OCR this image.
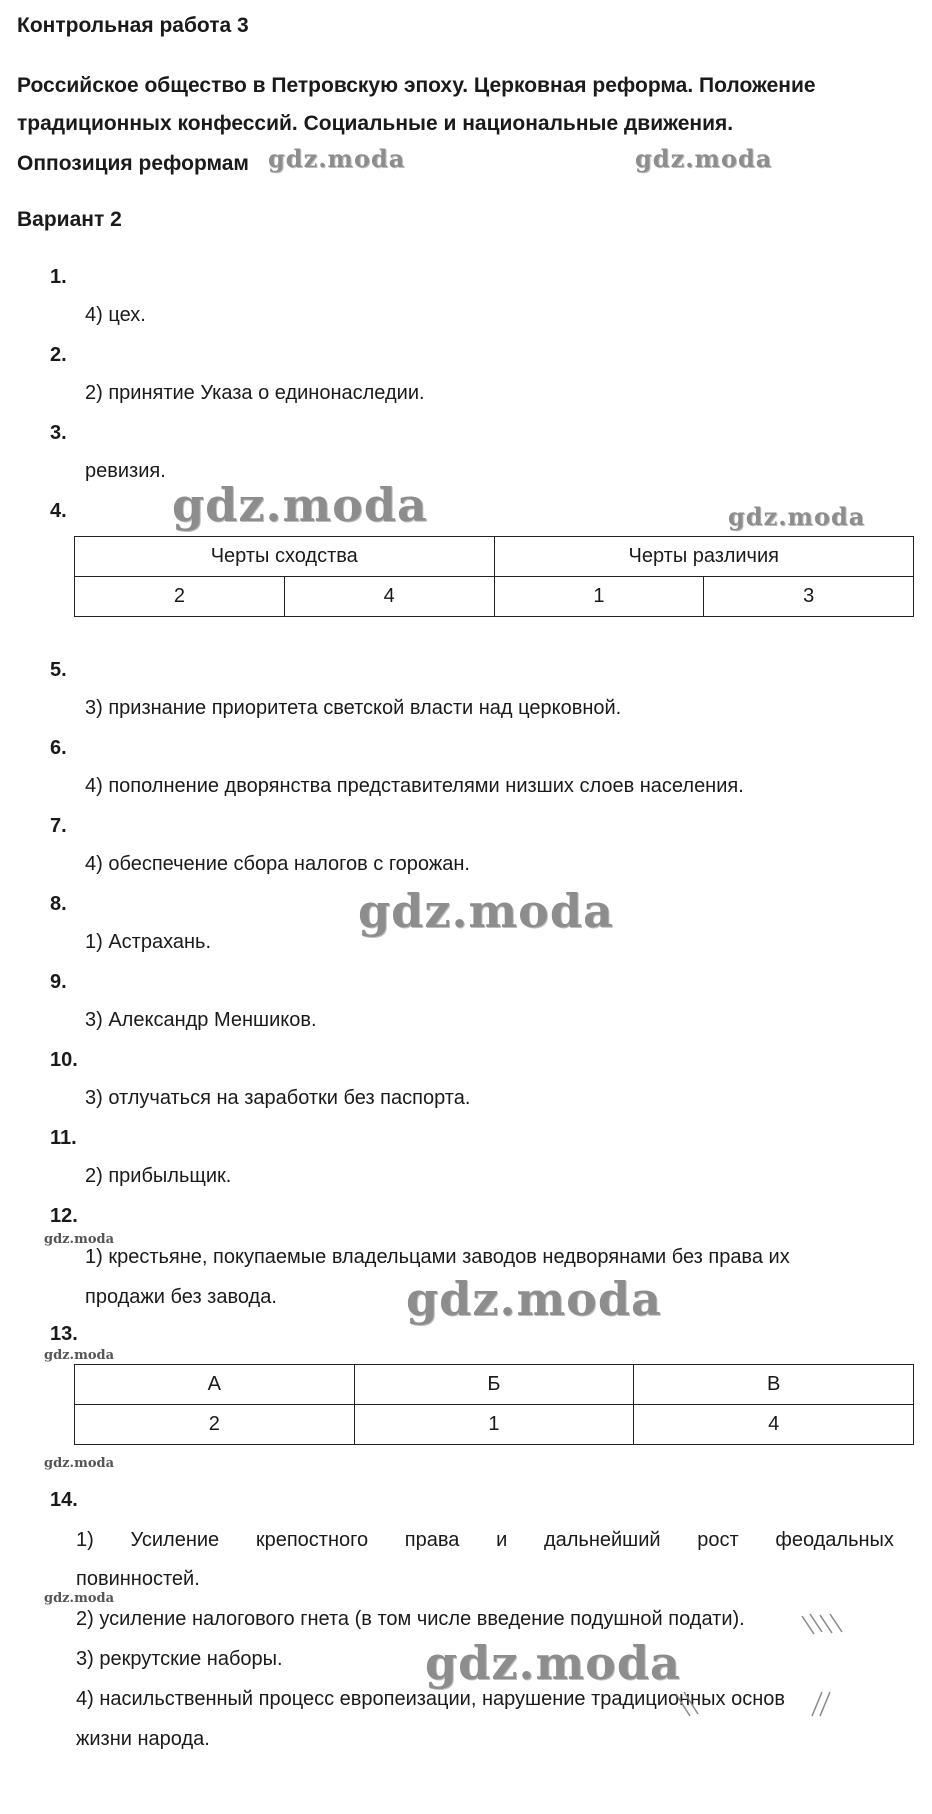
Контрольная работа 3
Российское общество в Петровскую эпоху. Церковная реформа. Положение
традиционных конфессий. Социальные и национальные движения.
Оппозиция реформам
Вариант 2
1.
4) цех.
2.
2) принятие Указа о единонаследии.
3.
ревизия.
4.
Черты сходства		Черты различия	
2	4	1	3
5.
3) признание приоритета светской власти над церковной.
6.
4) пополнение дворянства представителями низших слоев населения.
7.
4) обеспечение сбора налогов с горожан.
8.
1) Астрахань.
9.
3) Александр Меншиков.
10.
3) отлучаться на заработки без паспорта.
11.
2) прибыльщик.
12.
1) крестьяне, покупаемые владельцами заводов недворянами без права их
продажи без завода.
13.
А	Б	В
2	1	4
14.
1) Усиление крепостного права и дальнейший рост феодальных
повинностей.
2) усиление налогового гнета (в том числе введение подушной подати).
3) рекрутские наборы.
4) насильственный процесс европеизации, нарушение традиционных основ
жизни народа.
gdz.moda	gdz.moda
gdz.moda	gdz.moda
gdz.moda
gdz.moda
gdz.moda
gdz.moda
gdz.moda
gdz.moda
gdz.moda
